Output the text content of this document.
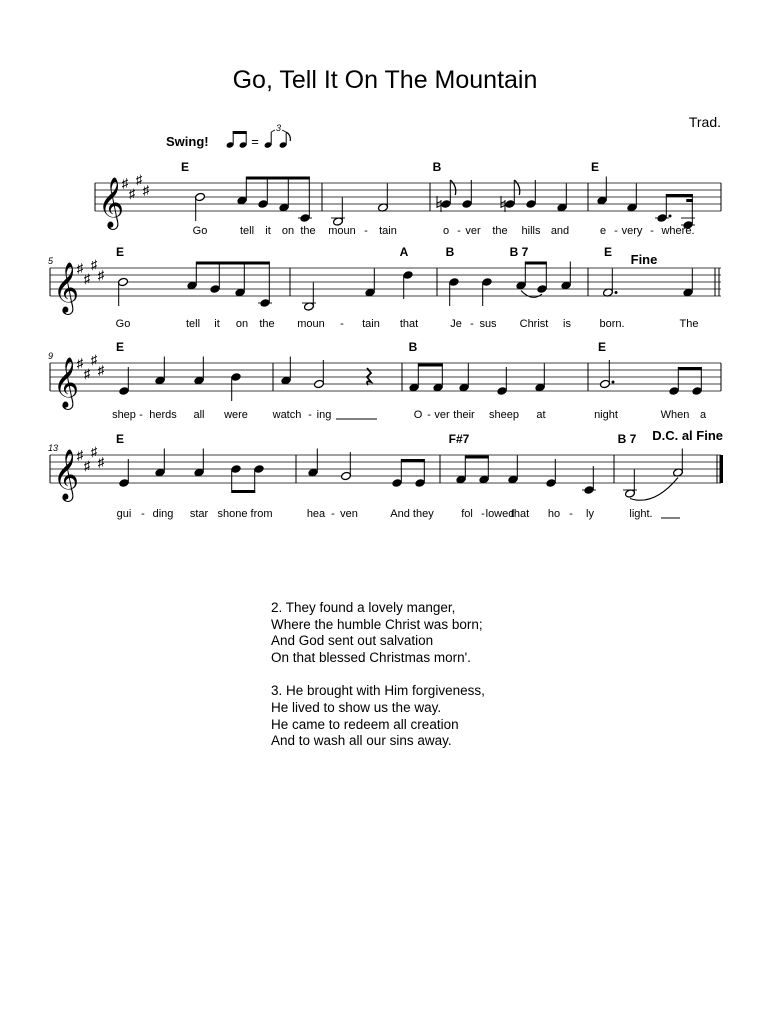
Go, Tell It On The Mountain
Trad.
Swing!	=
3
𝄞
♯
♯
♯
♯
E	B	E
Go	tell it on the moun - tain	o - ver the hills and	e - very - where.
𝄞
♯
♯
♯
♯
5
E	A	B	B 7	E Fine
Go	tell it on the moun - tain that	Je - sus Christ is	born.	The
𝄞
♯
♯
♯
♯
9
E	B	E
shep - herds all were watch - ing	O - ver their sheep at	night	When a
𝄞
♯
♯
♯
♯
13
E	F#7	B 7 D.C. al Fine
gui - ding star shone from	hea - ven	And they fol - lowed
that ho - ly	light.
2. They found a lovely manger,
Where the humble Christ was born;
And God sent out salvation
On that blessed Christmas morn'.
3. He brought with Him forgiveness,
He lived to show us the way.
He came to redeem all creation
And to wash all our sins away.
